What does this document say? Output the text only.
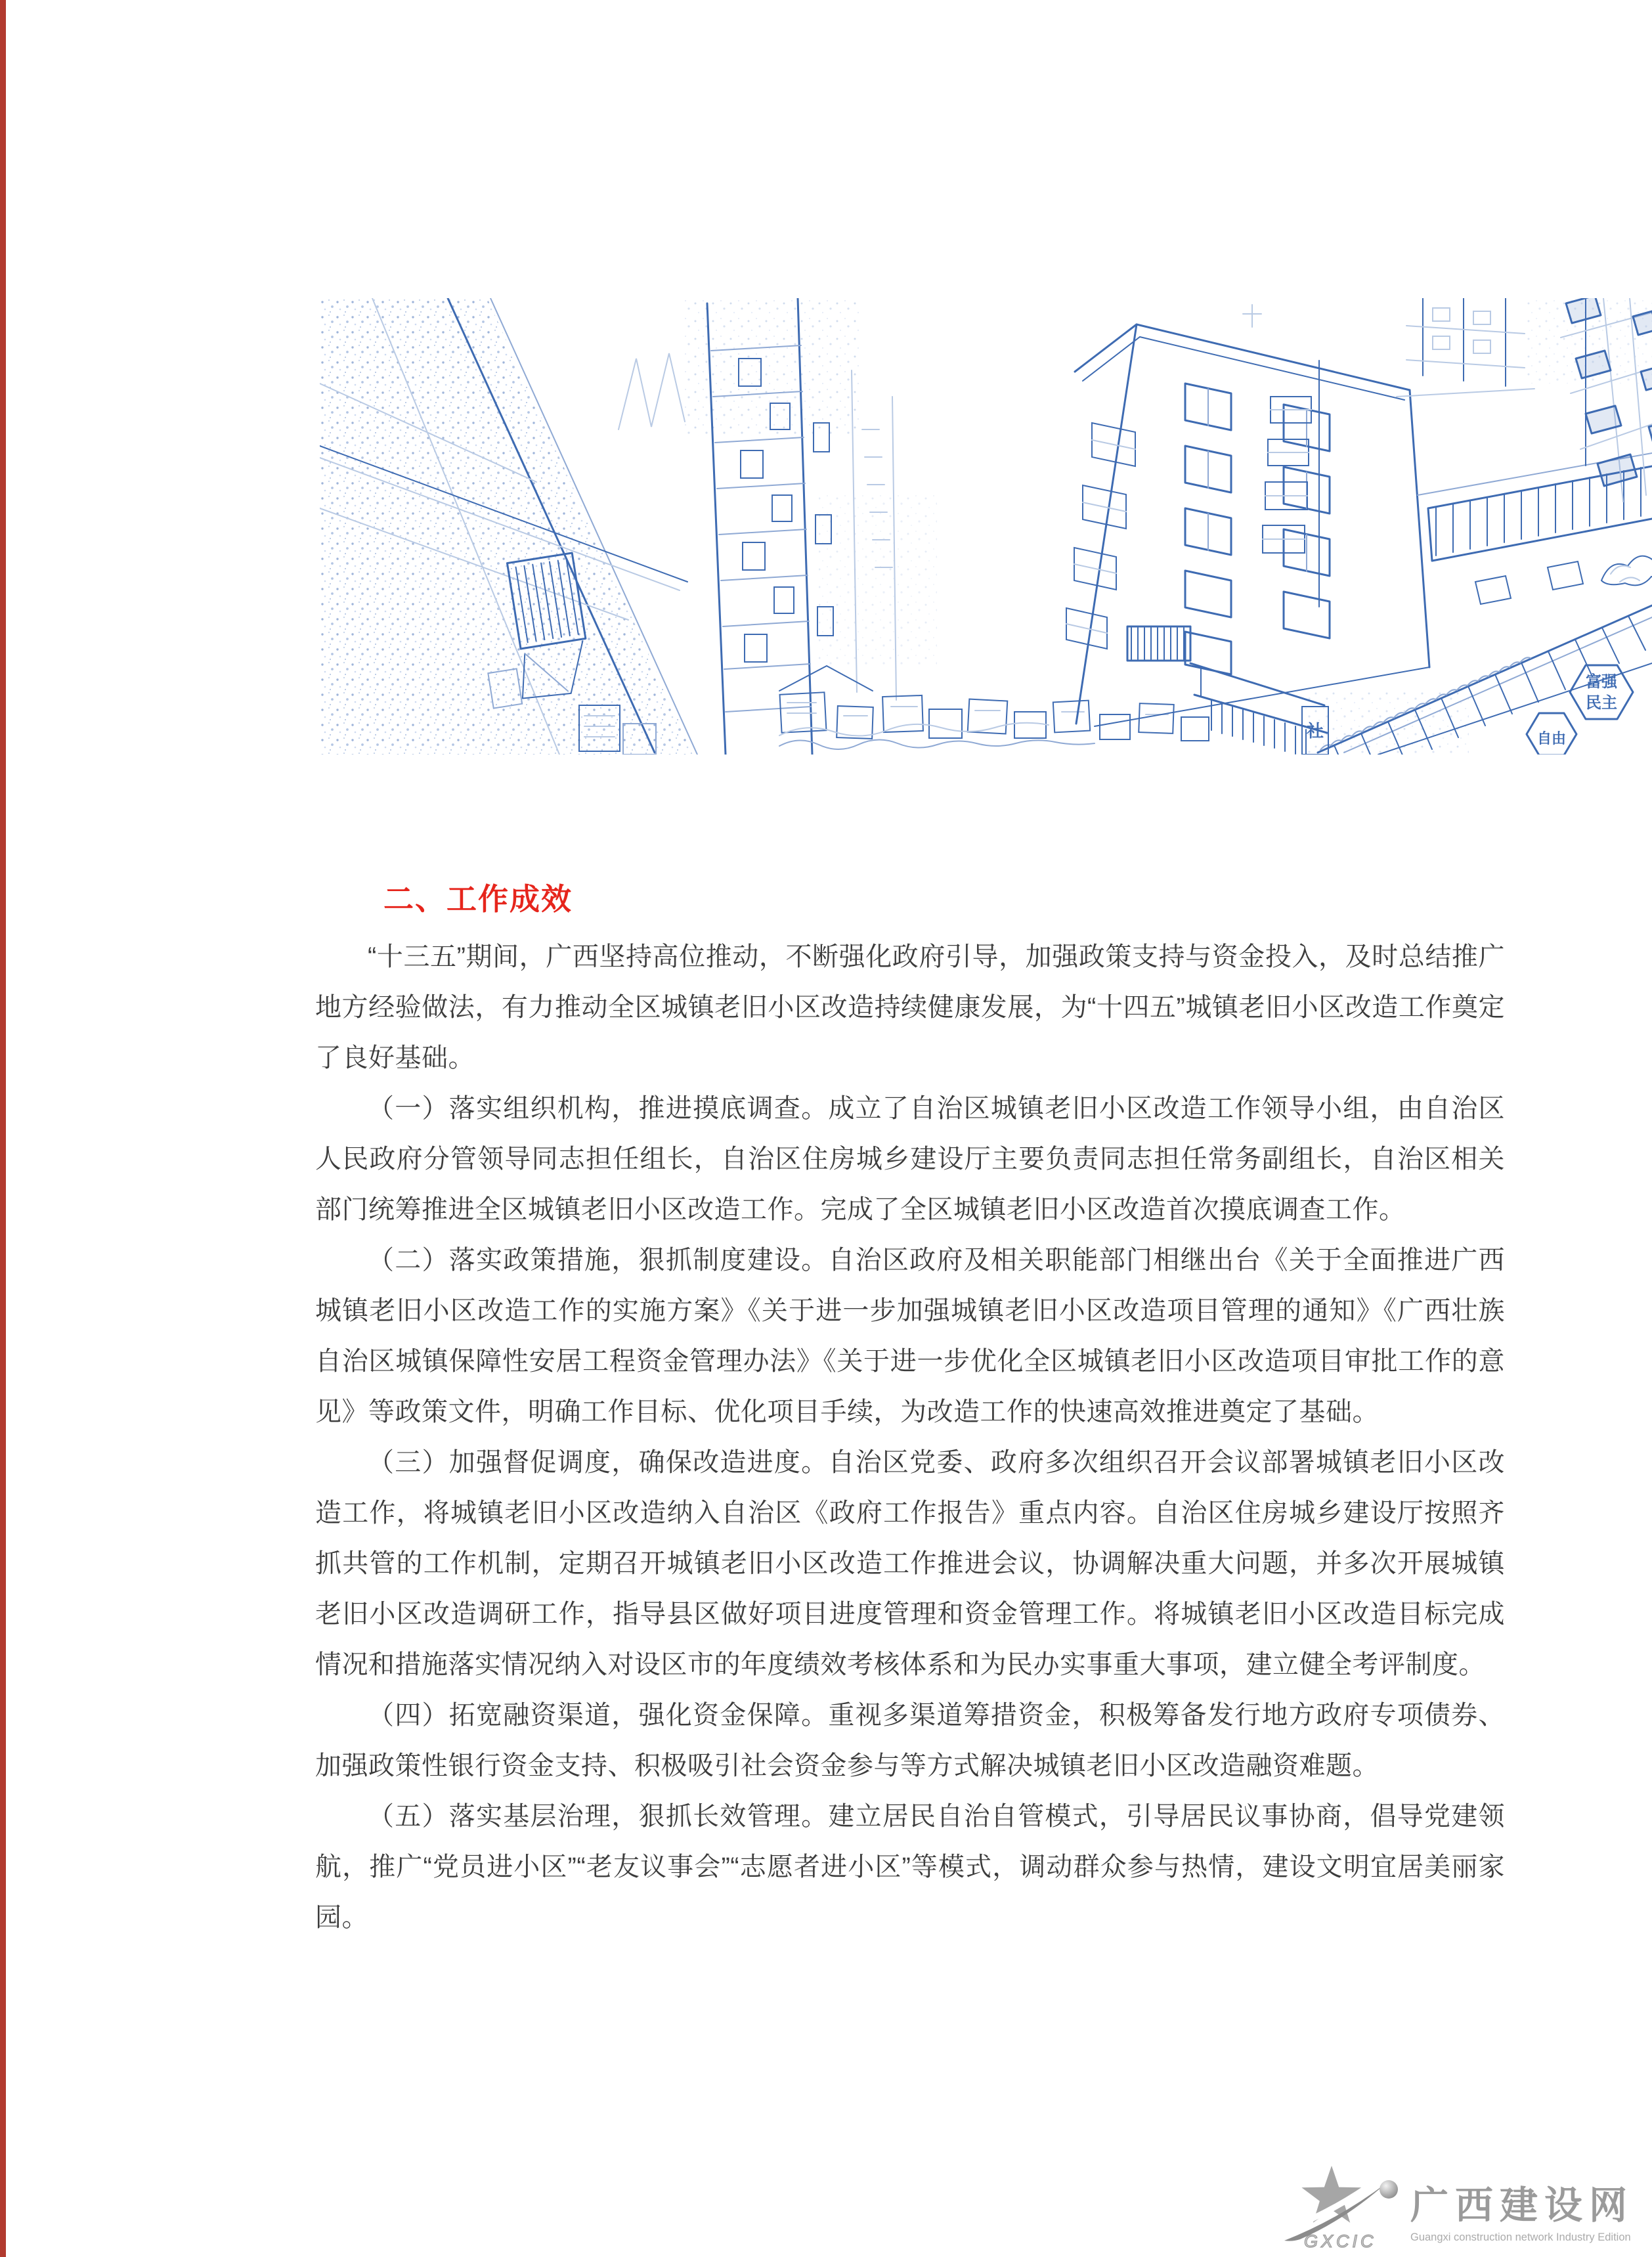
富强
民主
自由
社
二、工作成效

“十三五”期间，广西坚持高位推动，不断强化政府引导，加强政策支持与资金投入，及时总结推广地方经验做法，有力推动全区城镇老旧小区改造持续健康发展，为“十四五”城镇老旧小区改造工作奠定了良好基础。

（一）落实组织机构，推进摸底调查。成立了自治区城镇老旧小区改造工作领导小组，由自治区人民政府分管领导同志担任组长，自治区住房城乡建设厅主要负责同志担任常务副组长，自治区相关部门统筹推进全区城镇老旧小区改造工作。完成了全区城镇老旧小区改造首次摸底调查工作。

（二）落实政策措施，狠抓制度建设。自治区政府及相关职能部门相继出台《关于全面推进广西城镇老旧小区改造工作的实施方案》《关于进一步加强城镇老旧小区改造项目管理的通知》《广西壮族自治区城镇保障性安居工程资金管理办法》《关于进一步优化全区城镇老旧小区改造项目审批工作的意见》等政策文件，明确工作目标、优化项目手续，为改造工作的快速高效推进奠定了基础。

（三）加强督促调度，确保改造进度。自治区党委、政府多次组织召开会议部署城镇老旧小区改造工作，将城镇老旧小区改造纳入自治区《政府工作报告》重点内容。自治区住房城乡建设厅按照齐抓共管的工作机制，定期召开城镇老旧小区改造工作推进会议，协调解决重大问题，并多次开展城镇老旧小区改造调研工作，指导县区做好项目进度管理和资金管理工作。将城镇老旧小区改造目标完成情况和措施落实情况纳入对设区市的年度绩效考核体系和为民办实事重大事项，建立健全考评制度。

（四）拓宽融资渠道，强化资金保障。重视多渠道筹措资金，积极筹备发行地方政府专项债券、加强政策性银行资金支持、积极吸引社会资金参与等方式解决城镇老旧小区改造融资难题。

（五）落实基层治理，狠抓长效管理。建立居民自治自管模式，引导居民议事协商，倡导党建领航，推广“党员进小区”“老友议事会”“志愿者进小区”等模式，调动群众参与热情，建设文明宜居美丽家园。

GXCIC
广西建设网
Guangxi construction network Industry Edition
